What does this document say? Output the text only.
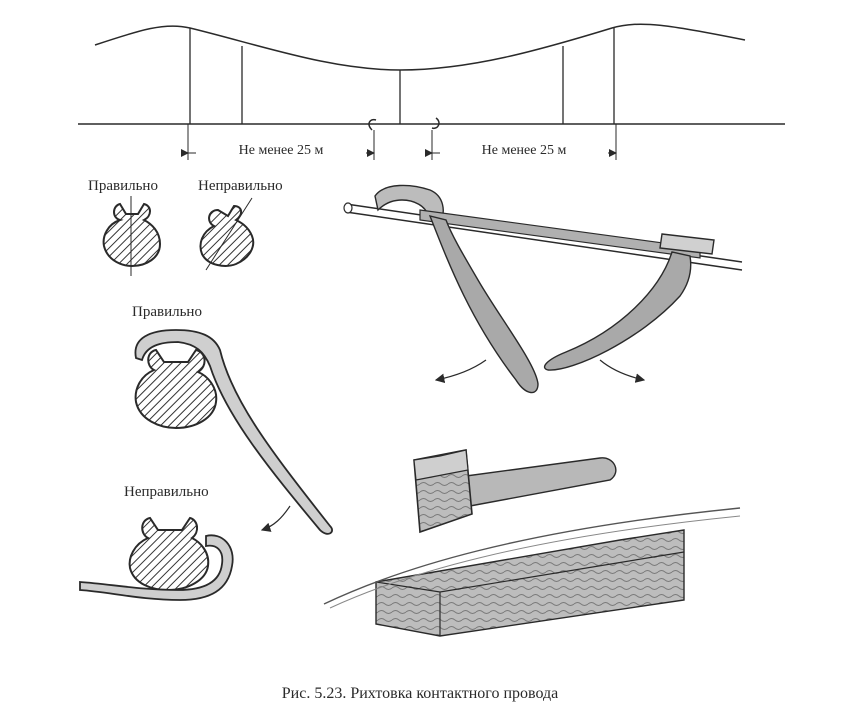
Не менее 25 м	Не менее 25 м
Правильно	Неправильно
Правильно
Неправильно
Рис. 5.23. Рихтовка контактного провода
